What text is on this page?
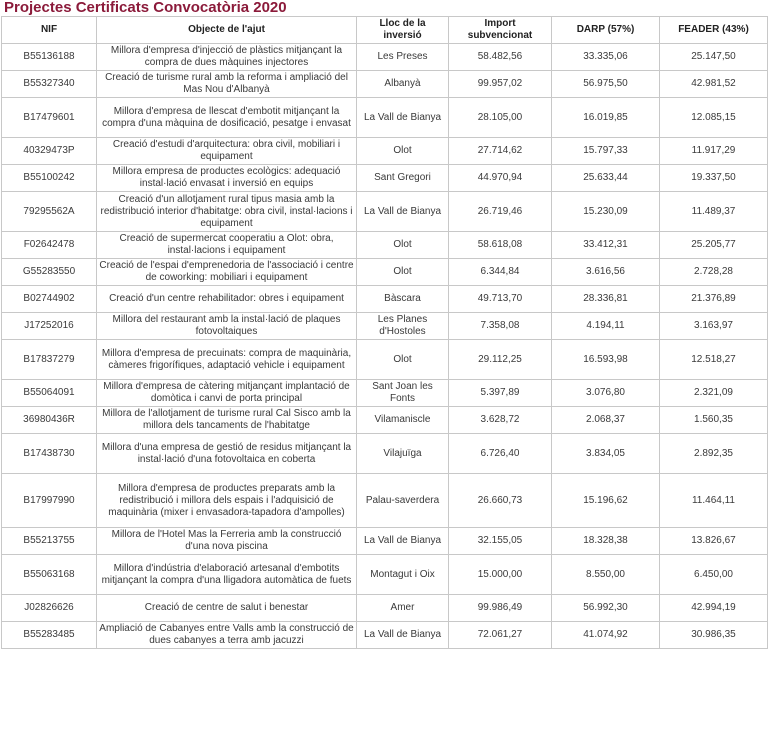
Projectes Certificats Convocatòria 2020
NIF	Objecte de l'ajut	Lloc de la inversió	Import subvencionat	DARP (57%)	FEADER (43%)
B55136188	Millora d'empresa d'injecció de plàstics mitjançant la compra de dues màquines injectores	Les Preses	58.482,56	33.335,06	25.147,50
B55327340	Creació de turisme rural amb la reforma i ampliació del Mas Nou d'Albanyà	Albanyà	99.957,02	56.975,50	42.981,52
B17479601	Millora d'empresa de llescat d'embotit mitjançant la compra d'una màquina de dosificació, pesatge i envasat	La Vall de Bianya	28.105,00	16.019,85	12.085,15
40329473P	Creació d'estudi d'arquitectura: obra civil, mobiliari i equipament	Olot	27.714,62	15.797,33	11.917,29
B55100242	Millora empresa de productes ecològics: adequació instal·lació envasat i inversió en equips	Sant Gregori	44.970,94	25.633,44	19.337,50
79295562A	Creació d'un allotjament rural tipus masia amb la redistribució interior d'habitatge: obra civil, instal·lacions i equipament	La Vall de Bianya	26.719,46	15.230,09	11.489,37
F02642478	Creació de supermercat cooperatiu a Olot: obra, instal·lacions i equipament	Olot	58.618,08	33.412,31	25.205,77
G55283550	Creació de l'espai d'emprenedoria de l'associació i centre de coworking: mobiliari i equipament	Olot	6.344,84	3.616,56	2.728,28
B02744902	Creació d'un centre rehabilitador: obres i equipament	Bàscara	49.713,70	28.336,81	21.376,89
J17252016	Millora del restaurant amb la instal·lació de plaques fotovoltaiques	Les Planes d'Hostoles	7.358,08	4.194,11	3.163,97
B17837279	Millora d'empresa de precuinats: compra de maquinària, càmeres frigorífiques, adaptació vehicle i equipament	Olot	29.112,25	16.593,98	12.518,27
B55064091	Millora d'empresa de càtering mitjançant implantació de domòtica i canvi de porta principal	Sant Joan les Fonts	5.397,89	3.076,80	2.321,09
36980436R	Millora de l'allotjament de turisme rural Cal Sisco amb la millora dels tancaments de l'habitatge	Vilamaniscle	3.628,72	2.068,37	1.560,35
B17438730	Millora d'una empresa de gestió de residus mitjançant la instal·lació d'una fotovoltaica en coberta	Vilajuïga	6.726,40	3.834,05	2.892,35
B17997990	Millora d'empresa de productes preparats amb la redistribució i millora dels espais i l'adquisició de maquinària (mixer i envasadora-tapadora d'ampolles)	Palau-saverdera	26.660,73	15.196,62	11.464,11
B55213755	Millora de l'Hotel Mas la Ferreria amb la construcció d'una nova piscina	La Vall de Bianya	32.155,05	18.328,38	13.826,67
B55063168	Millora d'indústria d'elaboració artesanal d'embotits mitjançant la compra d'una lligadora automàtica de fuets	Montagut i Oix	15.000,00	8.550,00	6.450,00
J02826626	Creació de centre de salut i benestar	Amer	99.986,49	56.992,30	42.994,19
B55283485	Ampliació de Cabanyes entre Valls amb la construcció de dues cabanyes a terra amb jacuzzi	La Vall de Bianya	72.061,27	41.074,92	30.986,35
